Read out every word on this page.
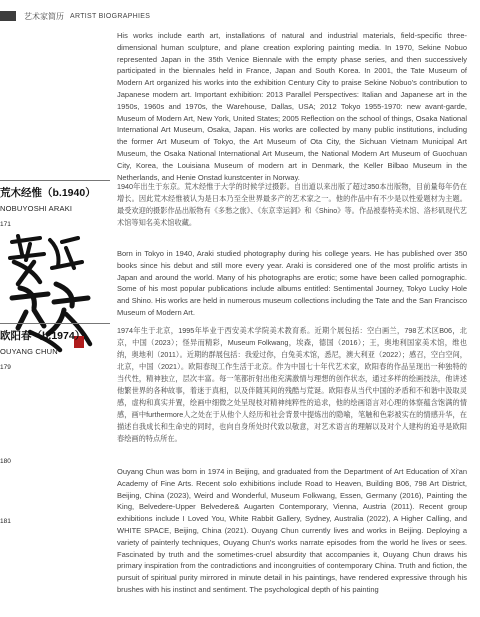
艺术家简历 ARTIST BIOGRAPHIES

His works include earth art, installations of natural and industrial materials, field-specific three-dimensional human sculpture, and plane creation exploring painting media. In 1970, Sekine Nobuo represented Japan in the 35th Venice Biennale with the empty phase series, and then successively participated in the biennales held in France, Japan and South Korea. In 2001, the Tate Museum of Modern Art organized his works into the exhibition Century City to praise Sekine Nobuo's contribution to Japanese modern art. Important exhibition: 2013 Parallel Perspectives: Italian and Japanese art in the 1950s, 1960s and 1970s, the Warehouse, Dallas, USA; 2012 Tokyo 1955-1970: new avant-garde, Museum of Modern Art, New York, United States; 2005 Reflection on the school of things, Osaka National International Art Museum, Osaka, Japan. His works are collected by many public institutions, including the former Art Museum of Tokyo, the Art Museum of Ota City, the Sichuan Vietnam Municipal Art Museum, the Osaka National International Art Museum, the National Modern Art Museum of Guochuan City, Korea, the Louisiana Museum of modern art in Denmark, the Keller Bilbao Museum in the Netherlands, and Henie Onstad kunstcenter in Norway.

荒木经惟（b.1940）
NOBUYOSHI ARAKI
171

1940年出生于东京。荒木经惟于大学的时候学过摄影。自出道以来出版了超过350本出版物，目前量每年仍在增长。因此荒木经惟被认为是日本乃至全世界最多产的艺术家之一。他的作品中有不少是以性爱题材为主题。最受欢迎的摄影作品出版物有《多愁之旅》、《东京幸运洞》和《Shino》等。作品被泰特美术馆、洛杉矶现代艺术馆等知名美术馆收藏。

Born in Tokyo in 1940, Araki studied photography during his college years. He has published over 350 books since his debut and still more every year. Araki is considered one of the most prolific artists in Japan and around the world. Many of his photographs are erotic; some have been called pornographic. Some of his most popular publications include albums entitled: Sentimental Journey, Tokyo Lucky Hole and Shino. His works are held in numerous museum collections including the Tate and the San Francisco Museum of Modern Art.

欧阳春（b.1974）
OUYANG CHUN
179

1974年生于北京，1995年毕业于西安美术学院美术教育系。近期个展包括：空白画兰，798艺术区B06，北京，中国（2023）；怪异而精彩，Museum Folkwang，埃森，德国（2016）；王，奥地利国家美术馆，维也纳，奥地利（2011）。近期的群展包括：我爱过你，白兔美术馆，悉尼，澳大利亚（2022）；感召，空白空间，北京，中国（2021）。欧阳春现工作生活于北京。作为中国七十年代艺术家，欧阳春的作品呈现出一种独特的当代性，精神独立，层次丰富。每一笔都折射出他充满激情与理想的创作状态，通过多样的绘画技法，他讲述他繁世界的各种故事，着迷于真相，以及伴随其间的残酷与荒诞。欧阳春从当代中国的矛盾和不和谐中汲取灵感，虚构和真实并置，绘画中细微之处呈现枝对精神纯粹性的追求，他的绘画语言对心理的体察蕴含饱满的情感，画中furthermore人之处在于从他个人经历和社会背景中提炼出的隐喻，笔触和色彩被实在的情感升华，在描述自我成长和生命史的同时，也向自身所处时代致以敬意，对艺术语言的理解以及对个人建构的追寻是欧阳春绘画的特点所在。

180
181

Ouyang Chun was born in 1974 in Beijing, and graduated from the Department of Art Education of Xi'an Academy of Fine Arts. Recent solo exhibitions include Road to Heaven, Building B06, 798 Art District, Beijing, China (2023), Weird and Wonderful, Museum Folkwang, Essen, Germany (2016), Painting the King, Belvedere-Upper Belvedere& Augarten Contemporary, Vienna, Austria (2011). Recent group exhibitions include I Loved You, White Rabbit Gallery, Sydney, Australia (2022), A Higher Calling, and WHITE SPACE, Beijing, China (2021). Ouyang Chun currently lives and works in Beijing. Deploying a variety of painterly techniques, Ouyang Chun's works narrate episodes from the world he lives or sees. Fascinated by truth and the sometimes-cruel absurdity that accompanies it, Ouyang Chun draws his primary inspiration from the contradictions and incongruities of contemporary China. Truth and fiction, the pursuit of spiritual purity mirrored in minute detail in his paintings, have rendered expressive through his brushes with his instinct and sentiment. The psychological depth of his painting
